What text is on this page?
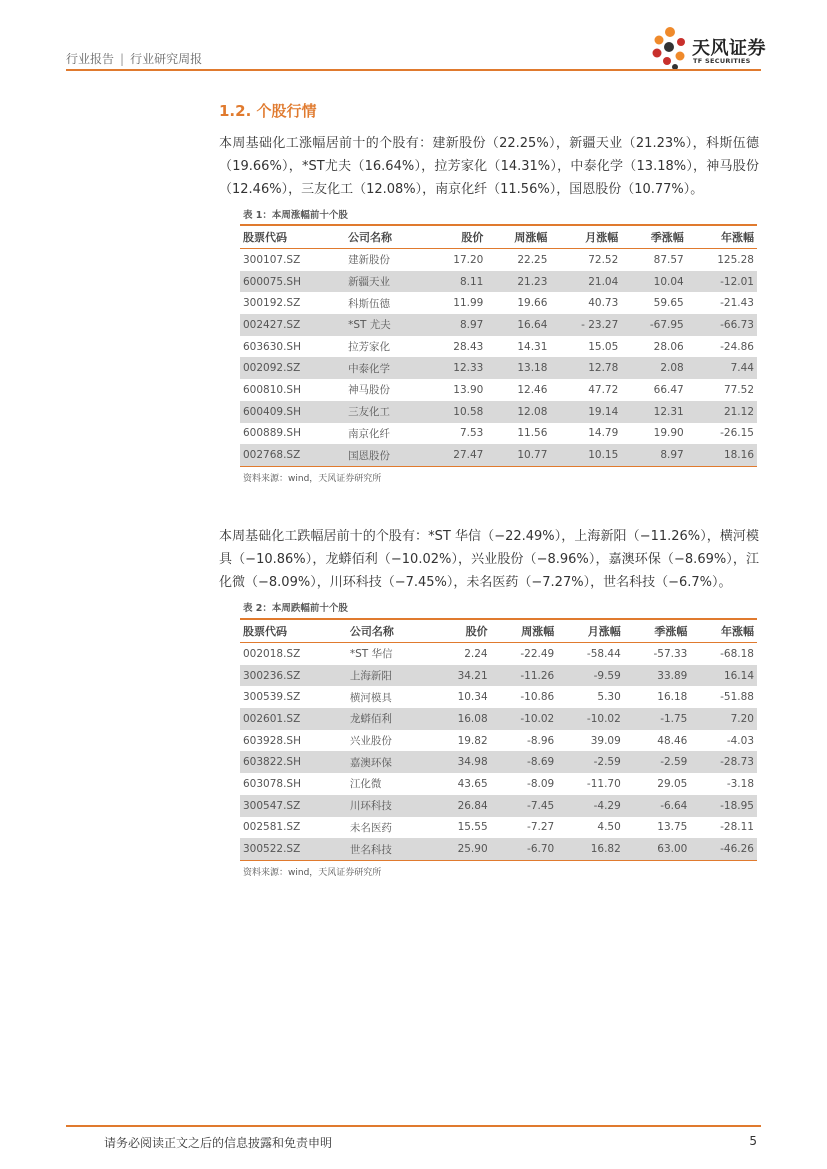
行业报告 | 行业研究周报	天风证券
TF SECURITIES
1.2. 个股行情
本周基础化工涨幅居前十的个股有：建新股份（22.25%），新疆天业（21.23%），科斯伍德（19.66%），*ST尤夫（16.64%），拉芳家化（14.31%），中泰化学（13.18%），神马股份（12.46%），三友化工（12.08%），南京化纤（11.56%），国恩股份（10.77%）。
表 1：本周涨幅前十个股
股票代码	公司名称	股价	周涨幅	月涨幅	季涨幅	年涨幅
300107.SZ	建新股份	17.20	22.25	72.52	87.57	125.28
600075.SH	新疆天业	8.11	21.23	21.04	10.04	-12.01
300192.SZ	科斯伍德	11.99	19.66	40.73	59.65	-21.43
002427.SZ	*ST 尤夫	8.97	16.64	- 23.27	-67.95	-66.73
603630.SH	拉芳家化	28.43	14.31	15.05	28.06	-24.86
002092.SZ	中泰化学	12.33	13.18	12.78	2.08	7.44
600810.SH	神马股份	13.90	12.46	47.72	66.47	77.52
600409.SH	三友化工	10.58	12.08	19.14	12.31	21.12
600889.SH	南京化纤	7.53	11.56	14.79	19.90	-26.15
002768.SZ	国恩股份	27.47	10.77	10.15	8.97	18.16
资料来源：wind，天风证券研究所
本周基础化工跌幅居前十的个股有：*ST 华信（−22.49%），上海新阳（−11.26%），横河模具（−10.86%），龙蟒佰利（−10.02%），兴业股份（−8.96%），嘉澳环保（−8.69%），江化微（−8.09%），川环科技（−7.45%），未名医药（−7.27%），世名科技（−6.7%）。
表 2：本周跌幅前十个股
股票代码	公司名称	股价	周涨幅	月涨幅	季涨幅	年涨幅
002018.SZ	*ST 华信	2.24	-22.49	-58.44	-57.33	-68.18
300236.SZ	上海新阳	34.21	-11.26	-9.59	33.89	16.14
300539.SZ	横河模具	10.34	-10.86	5.30	16.18	-51.88
002601.SZ	龙蟒佰利	16.08	-10.02	-10.02	-1.75	7.20
603928.SH	兴业股份	19.82	-8.96	39.09	48.46	-4.03
603822.SH	嘉澳环保	34.98	-8.69	-2.59	-2.59	-28.73
603078.SH	江化微	43.65	-8.09	-11.70	29.05	-3.18
300547.SZ	川环科技	26.84	-7.45	-4.29	-6.64	-18.95
002581.SZ	未名医药	15.55	-7.27	4.50	13.75	-28.11
300522.SZ	世名科技	25.90	-6.70	16.82	63.00	-46.26
资料来源：wind，天风证券研究所
请务必阅读正文之后的信息披露和免责申明	5
